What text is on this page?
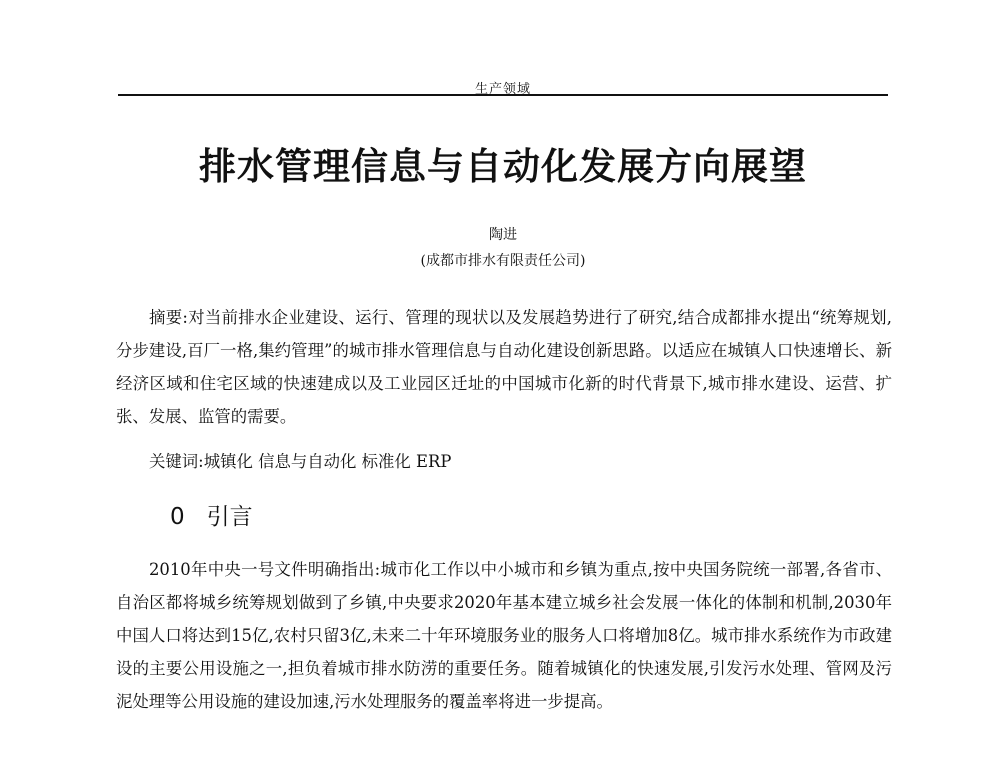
生产领域
排水管理信息与自动化发展方向展望
陶进
(成都市排水有限责任公司)
摘要:对当前排水企业建设、运行、管理的现状以及发展趋势进行了研究,结合成都排水提出“统筹规划,分步建设,百厂一格,集约管理”的城市排水管理信息与自动化建设创新思路。以适应在城镇人口快速增长、新经济区域和住宅区域的快速建成以及工业园区迁址的中国城市化新的时代背景下,城市排水建设、运营、扩张、发展、监管的需要。
关键词:城镇化 信息与自动化 标准化 ERP
0 引言
2010年中央一号文件明确指出:城市化工作以中小城市和乡镇为重点,按中央国务院统一部署,各省市、自治区都将城乡统筹规划做到了乡镇,中央要求2020年基本建立城乡社会发展一体化的体制和机制,2030年中国人口将达到15亿,农村只留3亿,未来二十年环境服务业的服务人口将增加8亿。城市排水系统作为市政建设的主要公用设施之一,担负着城市排水防涝的重要任务。随着城镇化的快速发展,引发污水处理、管网及污泥处理等公用设施的建设加速,污水处理服务的覆盖率将进一步提高。
